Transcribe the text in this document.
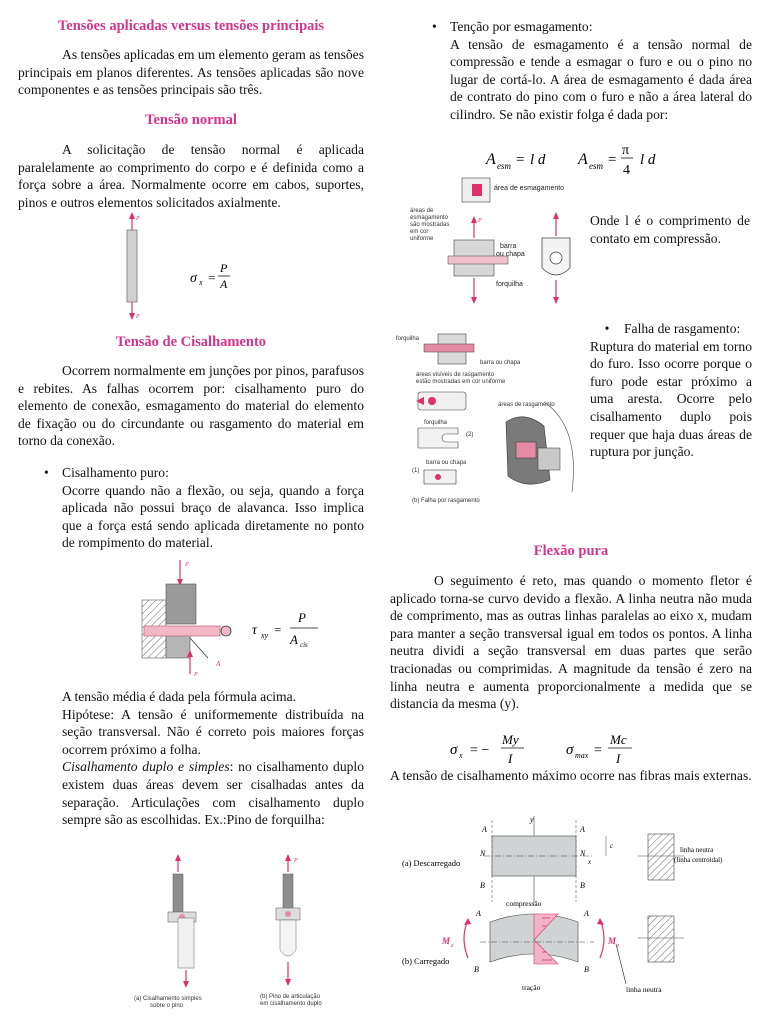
Tensões aplicadas versus tensões principais

As tensões aplicadas em um elemento geram as tensões principais em planos diferentes. As tensões aplicadas são nove componentes e as tensões principais são três.

Tensão normal

A solicitação de tensão normal é aplicada paralelamente ao comprimento do corpo e é definida como a força sobre a área. Normalmente ocorre em cabos, suportes, pinos e outros elementos solicitados axialmente.

P
P
σ x =
P
A

Tensão de Cisalhamento

Ocorrem normalmente em junções por pinos, parafusos e rebites. As falhas ocorrem por: cisalhamento puro do elemento de conexão, esmagamento do material do elemento de fixação ou do circundante ou rasgamento do material em torno da conexão.

• Cisalhamento puro:
Ocorre quando não a flexão, ou seja, quando a força aplicada não possui braço de alavanca. Isso implica que a força está sendo aplicada diretamente no ponto de rompimento do material.
P
A
P
τ xy =
P
A cis

A tensão média é dada pela fórmula acima.

Hipótese: A tensão é uniformemente distribuída na seção transversal. Não é correto pois maiores forças ocorrem próximo a folha.

Cisalhamento duplo e simples: no cisalhamento duplo existem duas áreas devem ser cisalhadas antes da separação. Articulações com cisalhamento duplo sempre são as escolhidas. Ex.:Pino de forquilha:

(a) Cisalhamento simples
sobre o pino
P
(b) Pino de articulação
em cisalhamento duplo
• Tenção por esmagamento:
A tensão de esmagamento é a tensão normal de compressão e tende a esmagar o furo e ou o pino no lugar de cortá-lo. A área de esmagamento é dada área de contrato do pino com o furo e não a área lateral do cilindro. Se não existir folga é dada por:
A esm = l d A esm =
π
4
l d
área de esmagamento
áreas de
esmagamento
são mostradas
em cor
uniforme
P
barra
ou chapa
forquilha

Onde l é o comprimento de contato em compressão.

forquilha
barra ou chapa
áreas visíveis de rasgamento
estão mostradas em cor uniforme
áreas de rasgamento
forquilha
(2)
barra ou chapa
(1)
(b) Falha por rasgamento
• Falha de rasgamento:
Ruptura do material em torno do furo. Isso ocorre porque o furo pode estar próximo a uma aresta. Ocorre pelo cisalhamento duplo pois requer que haja duas áreas de ruptura por junção.

Flexão pura

O seguimento é reto, mas quando o momento fletor é aplicado torna-se curvo devido a flexão. A linha neutra não muda de comprimento, mas as outras linhas paralelas ao eixo x, mudam para manter a seção transversal igual em todos os pontos. A linha neutra dividi a seção transversal em duas partes que serão tracionadas ou comprimidas. A magnitude da tensão é zero na linha neutra e aumenta proporcionalmente a medida que se distancia da mesma (y).

σ x = −
My
I
σ max =
Mc
I

A tensão de cisalhamento máximo ocorre nas fibras mais externas.

y
A	A
N	N
B	B
x
c
(a) Descarregado
linha neutra
(linha centroidal)
compressão
M z	M z
A	A
B	B
(b) Carregado
tração	linha neutra
